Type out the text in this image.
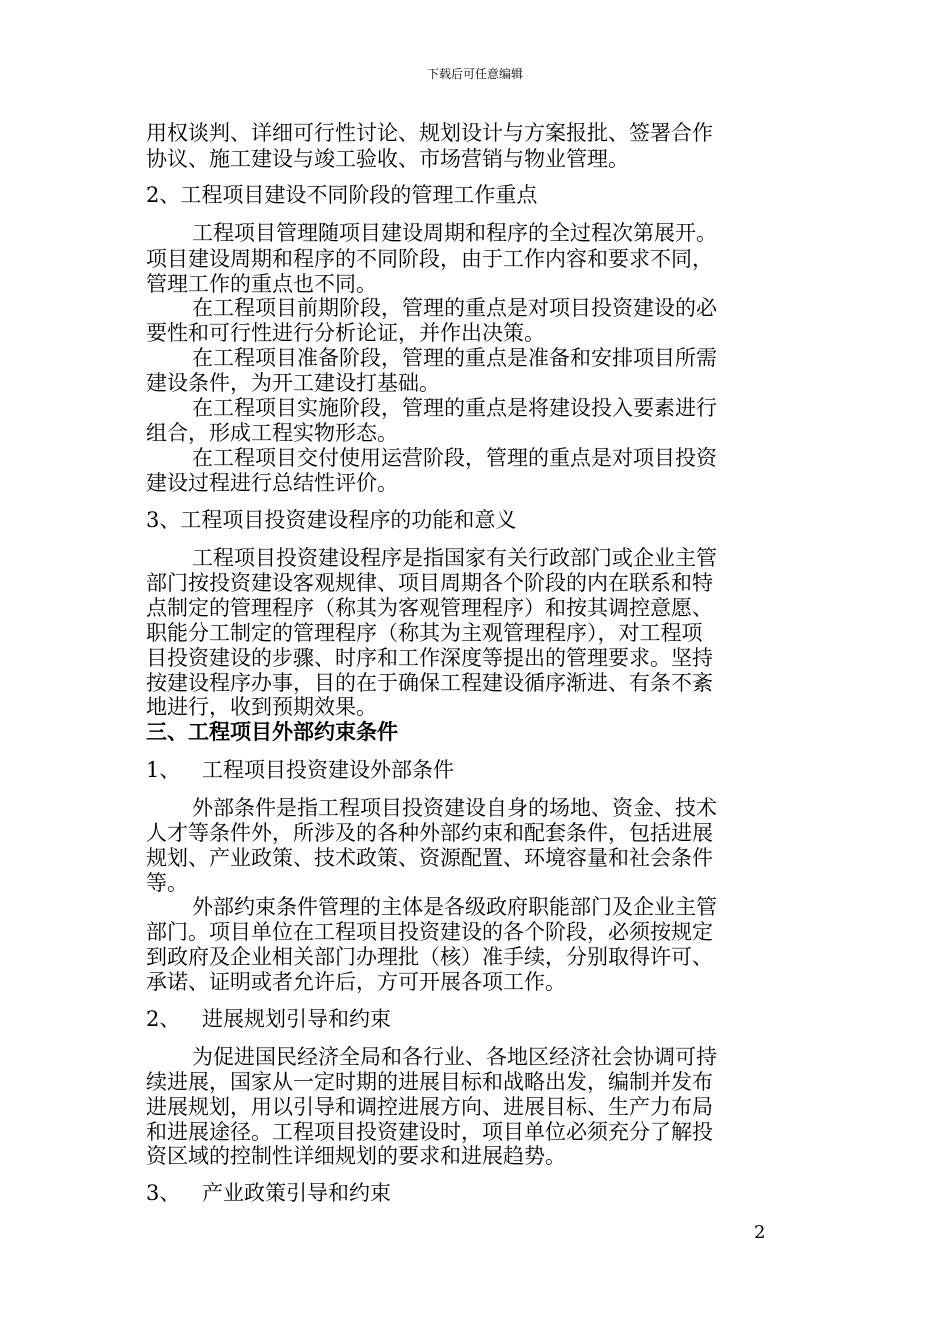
下载后可任意编辑
用权谈判、详细可行性讨论、规划设计与方案报批、签署合作
协议、施工建设与竣工验收、市场营销与物业管理。
2、工程项目建设不同阶段的管理工作重点
工程项目管理随项目建设周期和程序的全过程次第展开。
项目建设周期和程序的不同阶段，由于工作内容和要求不同，
管理工作的重点也不同。
在工程项目前期阶段，管理的重点是对项目投资建设的必
要性和可行性进行分析论证，并作出决策。
在工程项目准备阶段，管理的重点是准备和安排项目所需
建设条件，为开工建设打基础。
在工程项目实施阶段，管理的重点是将建设投入要素进行
组合，形成工程实物形态。
在工程项目交付使用运营阶段，管理的重点是对项目投资
建设过程进行总结性评价。
3、工程项目投资建设程序的功能和意义
工程项目投资建设程序是指国家有关行政部门或企业主管
部门按投资建设客观规律、项目周期各个阶段的内在联系和特
点制定的管理程序（称其为客观管理程序）和按其调控意愿、
职能分工制定的管理程序（称其为主观管理程序），对工程项
目投资建设的步骤、时序和工作深度等提出的管理要求。坚持
按建设程序办事，目的在于确保工程建设循序渐进、有条不紊
地进行，收到预期效果。
三、工程项目外部约束条件
1、 工程项目投资建设外部条件
外部条件是指工程项目投资建设自身的场地、资金、技术
人才等条件外，所涉及的各种外部约束和配套条件，包括进展
规划、产业政策、技术政策、资源配置、环境容量和社会条件
等。
外部约束条件管理的主体是各级政府职能部门及企业主管
部门。项目单位在工程项目投资建设的各个阶段，必须按规定
到政府及企业相关部门办理批（核）准手续，分别取得许可、
承诺、证明或者允许后，方可开展各项工作。
2、 进展规划引导和约束
为促进国民经济全局和各行业、各地区经济社会协调可持
续进展，国家从一定时期的进展目标和战略出发，编制并发布
进展规划，用以引导和调控进展方向、进展目标、生产力布局
和进展途径。工程项目投资建设时，项目单位必须充分了解投
资区域的控制性详细规划的要求和进展趋势。
3、 产业政策引导和约束
2
